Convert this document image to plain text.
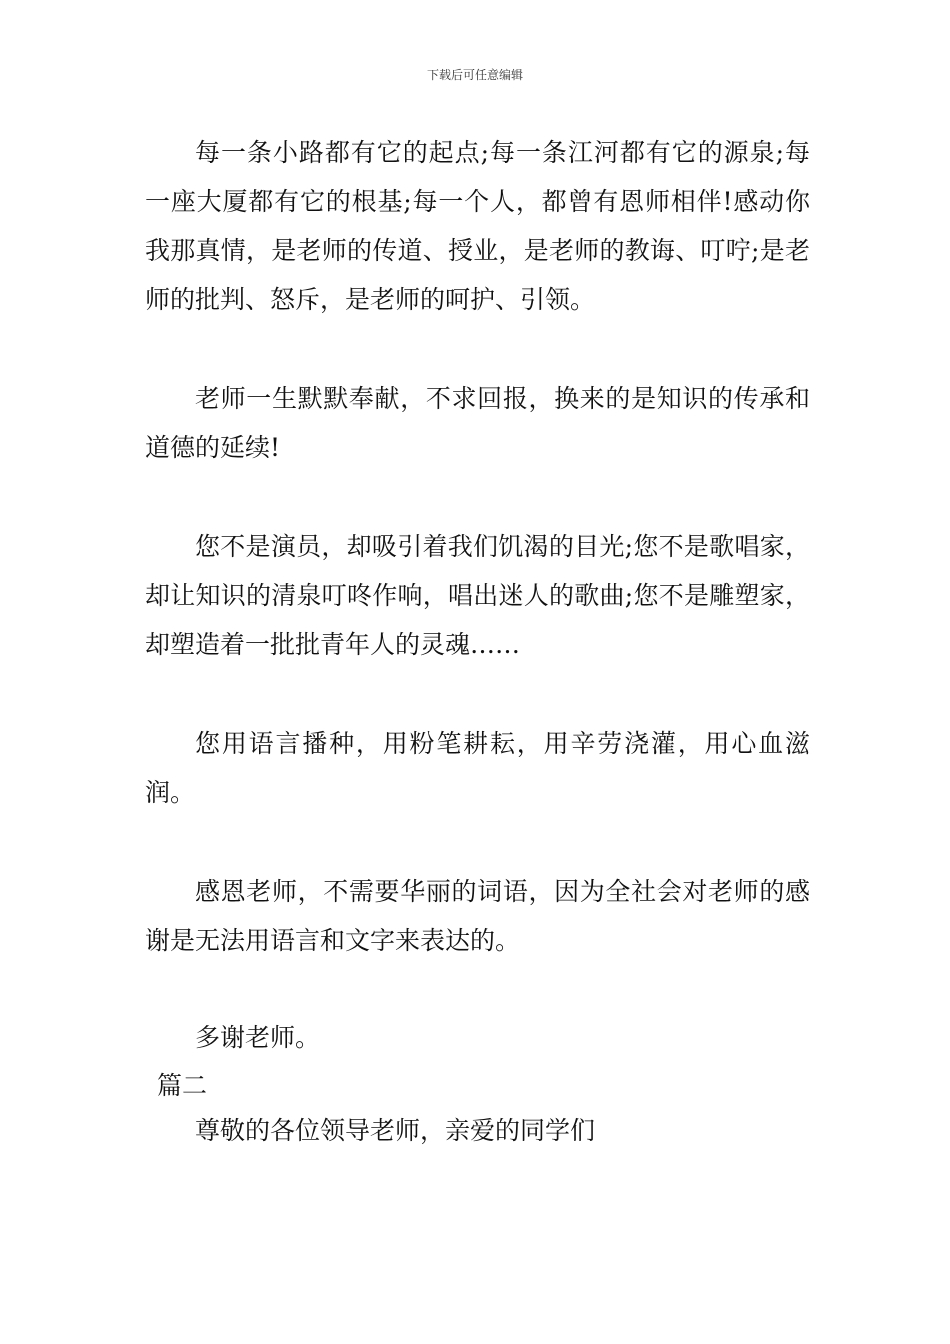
下载后可任意编辑

每一条小路都有它的起点;每一条江河都有它的源泉;每一座大厦都有它的根基;每一个人，都曾有恩师相伴!感动你我那真情，是老师的传道、授业，是老师的教诲、叮咛;是老师的批判、怒斥，是老师的呵护、引领。

老师一生默默奉献，不求回报，换来的是知识的传承和道德的延续!

您不是演员，却吸引着我们饥渴的目光;您不是歌唱家，却让知识的清泉叮咚作响，唱出迷人的歌曲;您不是雕塑家，却塑造着一批批青年人的灵魂……

您用语言播种，用粉笔耕耘，用辛劳浇灌，用心血滋润。

感恩老师，不需要华丽的词语，因为全社会对老师的感谢是无法用语言和文字来表达的。

多谢老师。

篇二

尊敬的各位领导老师，亲爱的同学们
